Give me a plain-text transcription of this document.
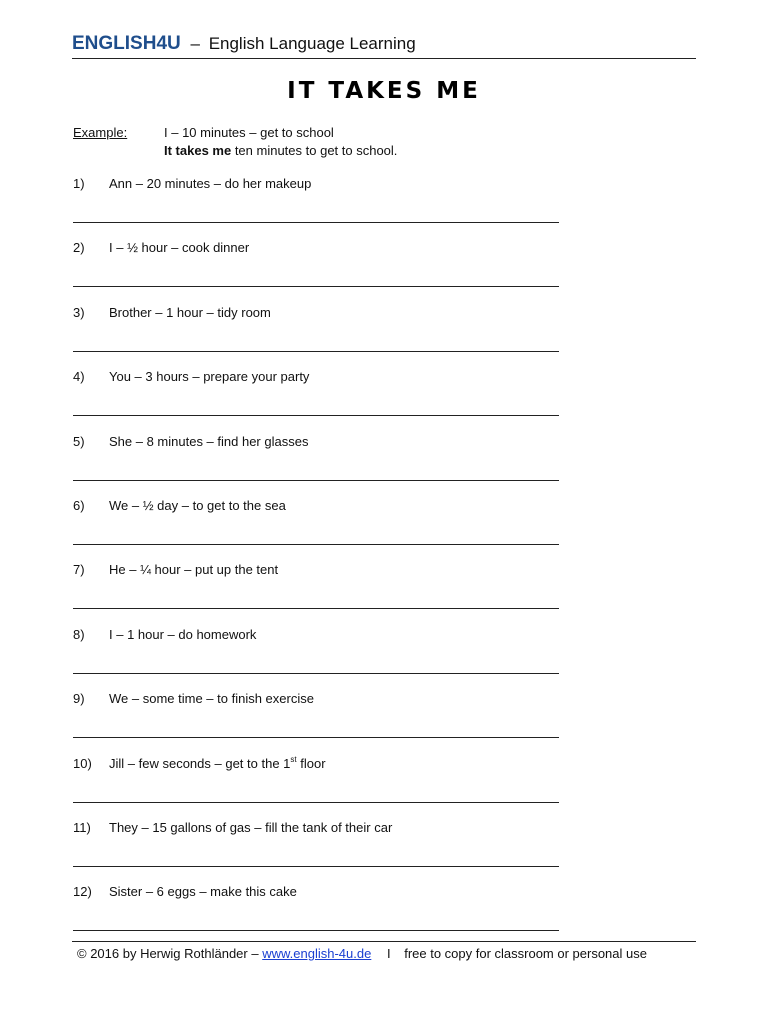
ENGLISH4U – English Language Learning
IT TAKES ME
Example:	I – 10 minutes – get to school
It takes me ten minutes to get to school.
1) Ann – 20 minutes – do her makeup
2) I – ½ hour – cook dinner
3) Brother – 1 hour – tidy room
4) You – 3 hours – prepare your party
5) She – 8 minutes – find her glasses
6) We – ½ day – to get to the sea
7) He – ¼ hour – put up the tent
8) I – 1 hour – do homework
9) We – some time – to finish exercise
10) Jill – few seconds – get to the 1st floor
11) They – 15 gallons of gas – fill the tank of their car
12) Sister – 6 eggs – make this cake
© 2016 by Herwig Rothländer – www.english-4u.de I free to copy for classroom or personal use
